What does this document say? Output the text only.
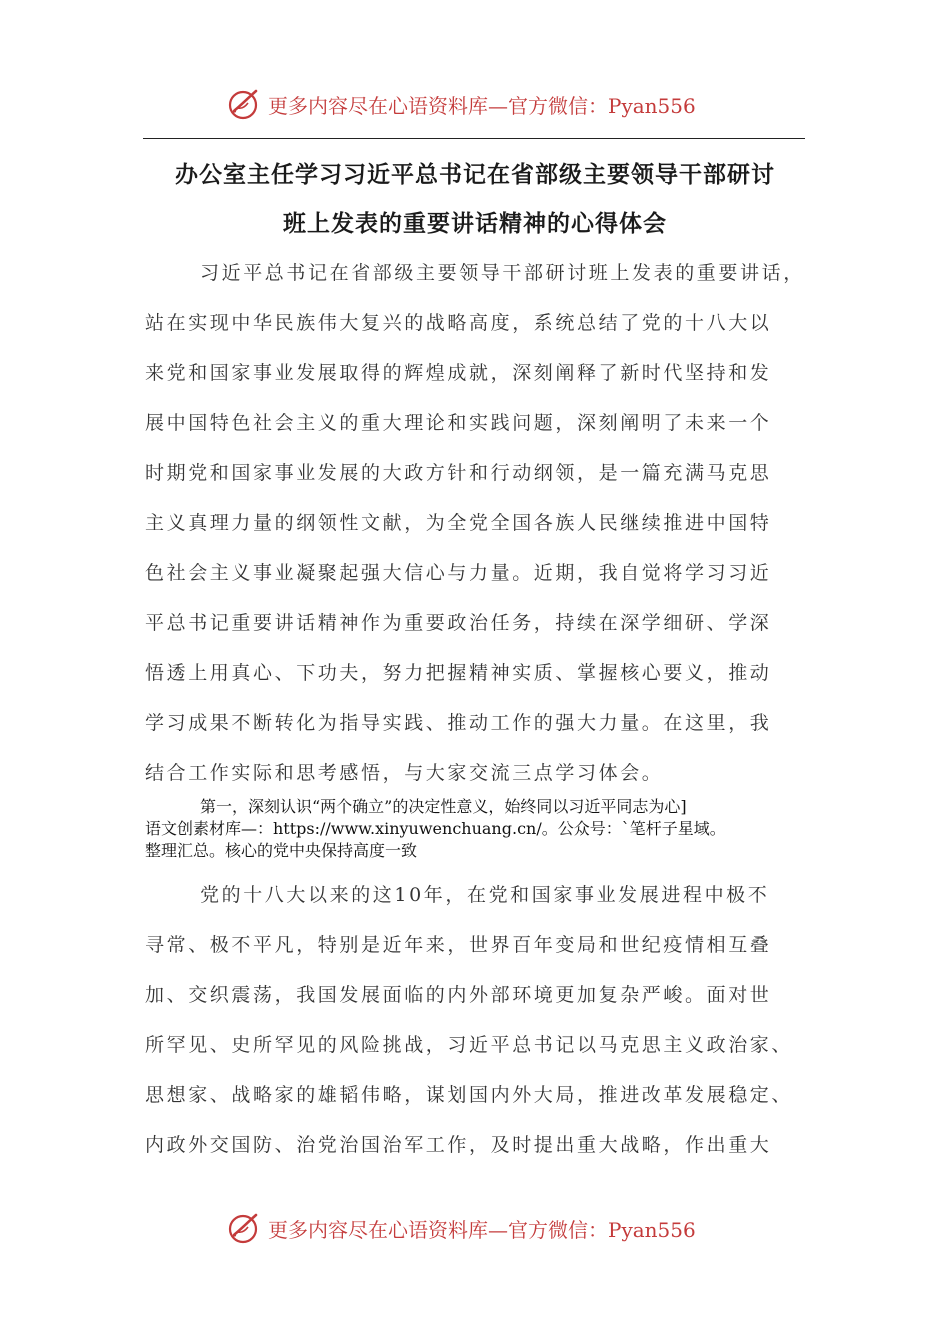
更多内容尽在心语资料库—官方微信：Pyan556
办公室主任学习习近平总书记在省部级主要领导干部研讨
班上发表的重要讲话精神的心得体会
习近平总书记在省部级主要领导干部研讨班上发表的重要讲话，
站在实现中华民族伟大复兴的战略高度，系统总结了党的十八大以
来党和国家事业发展取得的辉煌成就，深刻阐释了新时代坚持和发
展中国特色社会主义的重大理论和实践问题，深刻阐明了未来一个
时期党和国家事业发展的大政方针和行动纲领，是一篇充满马克思
主义真理力量的纲领性文献，为全党全国各族人民继续推进中国特
色社会主义事业凝聚起强大信心与力量。近期，我自觉将学习习近
平总书记重要讲话精神作为重要政治任务，持续在深学细研、学深
悟透上用真心、下功夫，努力把握精神实质、掌握核心要义，推动
学习成果不断转化为指导实践、推动工作的强大力量。在这里，我
结合工作实际和思考感悟，与大家交流三点学习体会。
第一，深刻认识“两个确立”的决定性意义，始终同以习近平同志为心]
语文创素材库—：https://www.xinyuwenchuang.cn/。公众号：`笔杆子星域。
整理汇总。核心的党中央保持高度一致
党的十八大以来的这10年，在党和国家事业发展进程中极不
寻常、极不平凡，特别是近年来，世界百年变局和世纪疫情相互叠
加、交织震荡，我国发展面临的内外部环境更加复杂严峻。面对世
所罕见、史所罕见的风险挑战，习近平总书记以马克思主义政治家、
思想家、战略家的雄韬伟略，谋划国内外大局，推进改革发展稳定、
内政外交国防、治党治国治军工作，及时提出重大战略，作出重大
更多内容尽在心语资料库—官方微信：Pyan556
